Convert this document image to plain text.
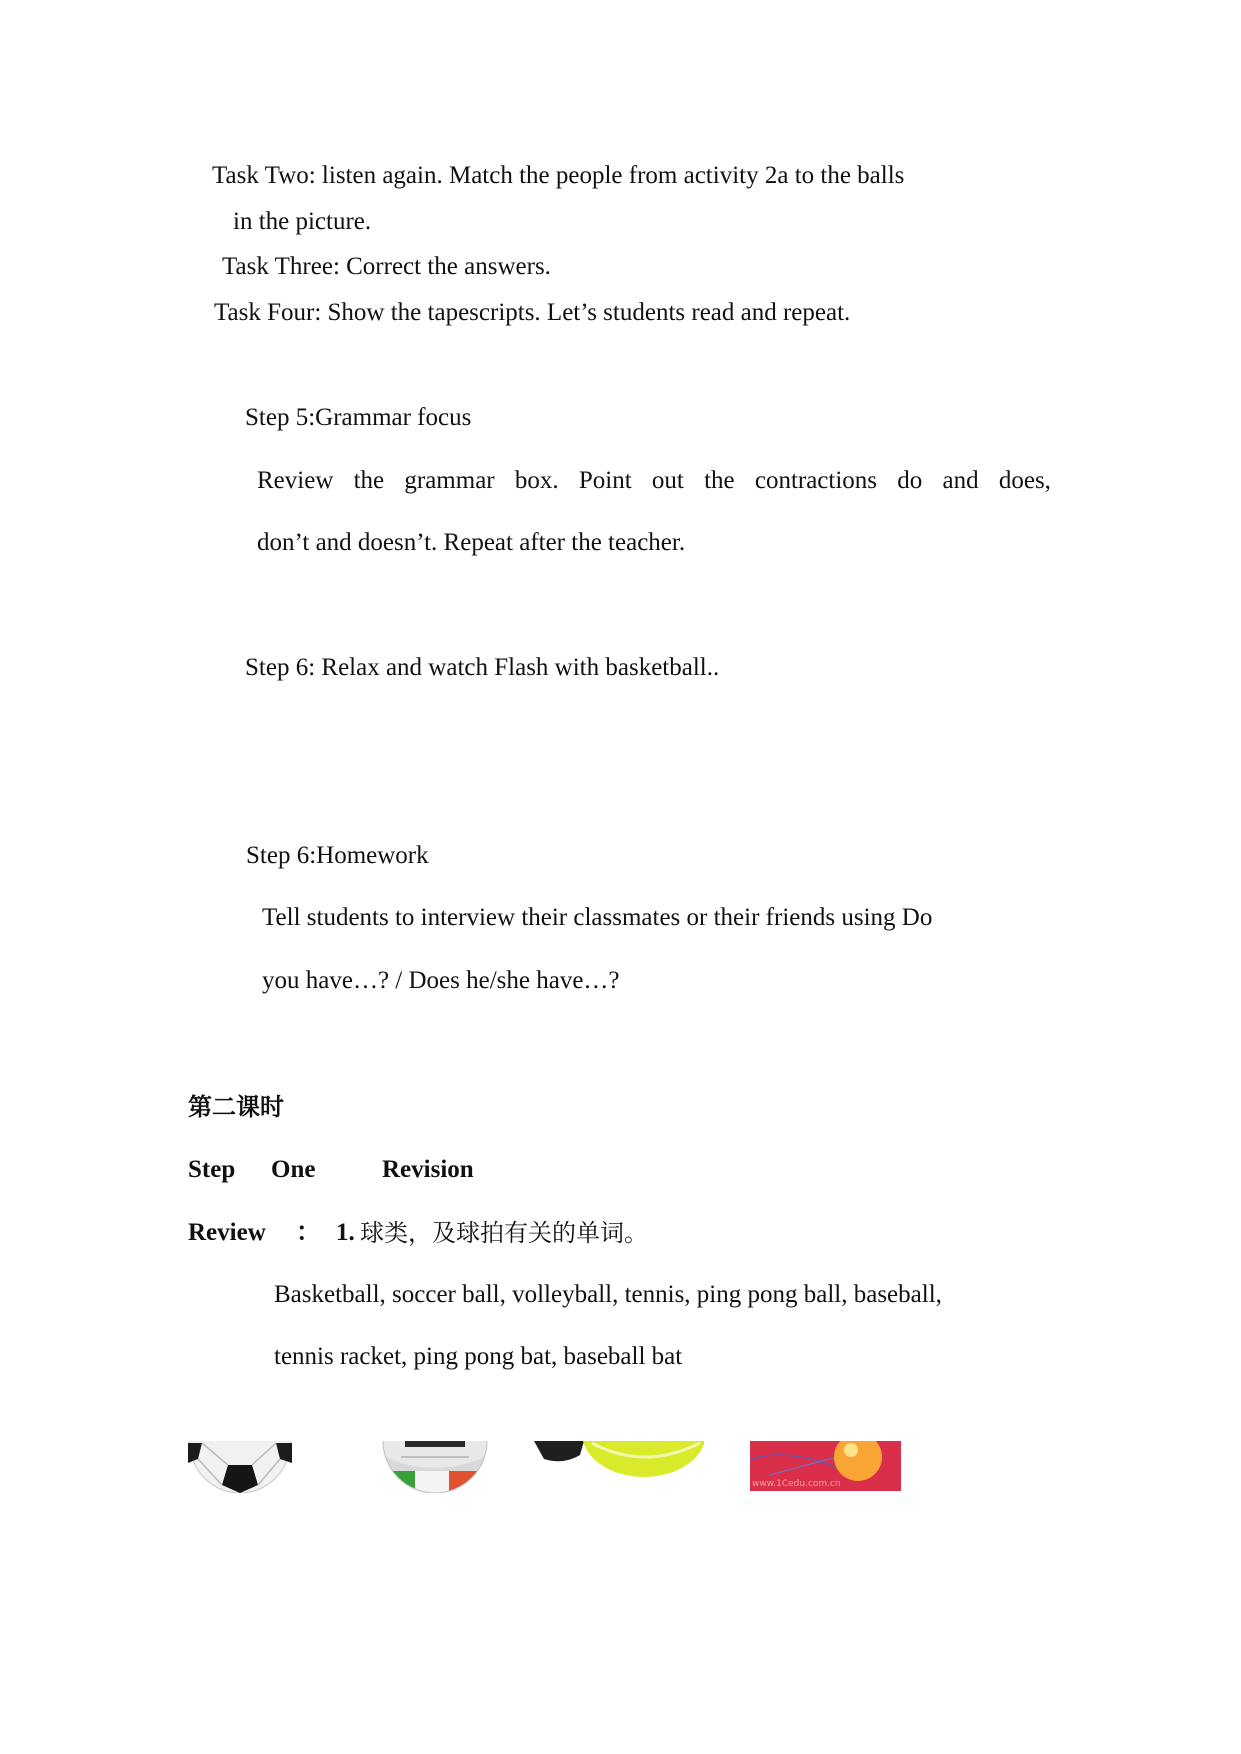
Task Two: listen again. Match the people from activity 2a to the balls
in the picture.
Task Three: Correct the answers.
Task Four: Show the tapescripts. Let’s students read and repeat.
Step 5:Grammar focus
Review the grammar box. Point out the contractions do and does,
don’t and doesn’t. Repeat after the teacher.
Step 6: Relax and watch Flash with basketball..
Step 6:Homework
Tell students to interview their classmates or their friends using Do
you have…? / Does he/she have…?
第二课时
Step One	Revision
Review ： 1. 球类，及球拍有关的单词。
Basketball, soccer ball, volleyball, tennis, ping pong ball, baseball,
tennis racket, ping pong bat, baseball bat
www.1Cedu.com.cn
